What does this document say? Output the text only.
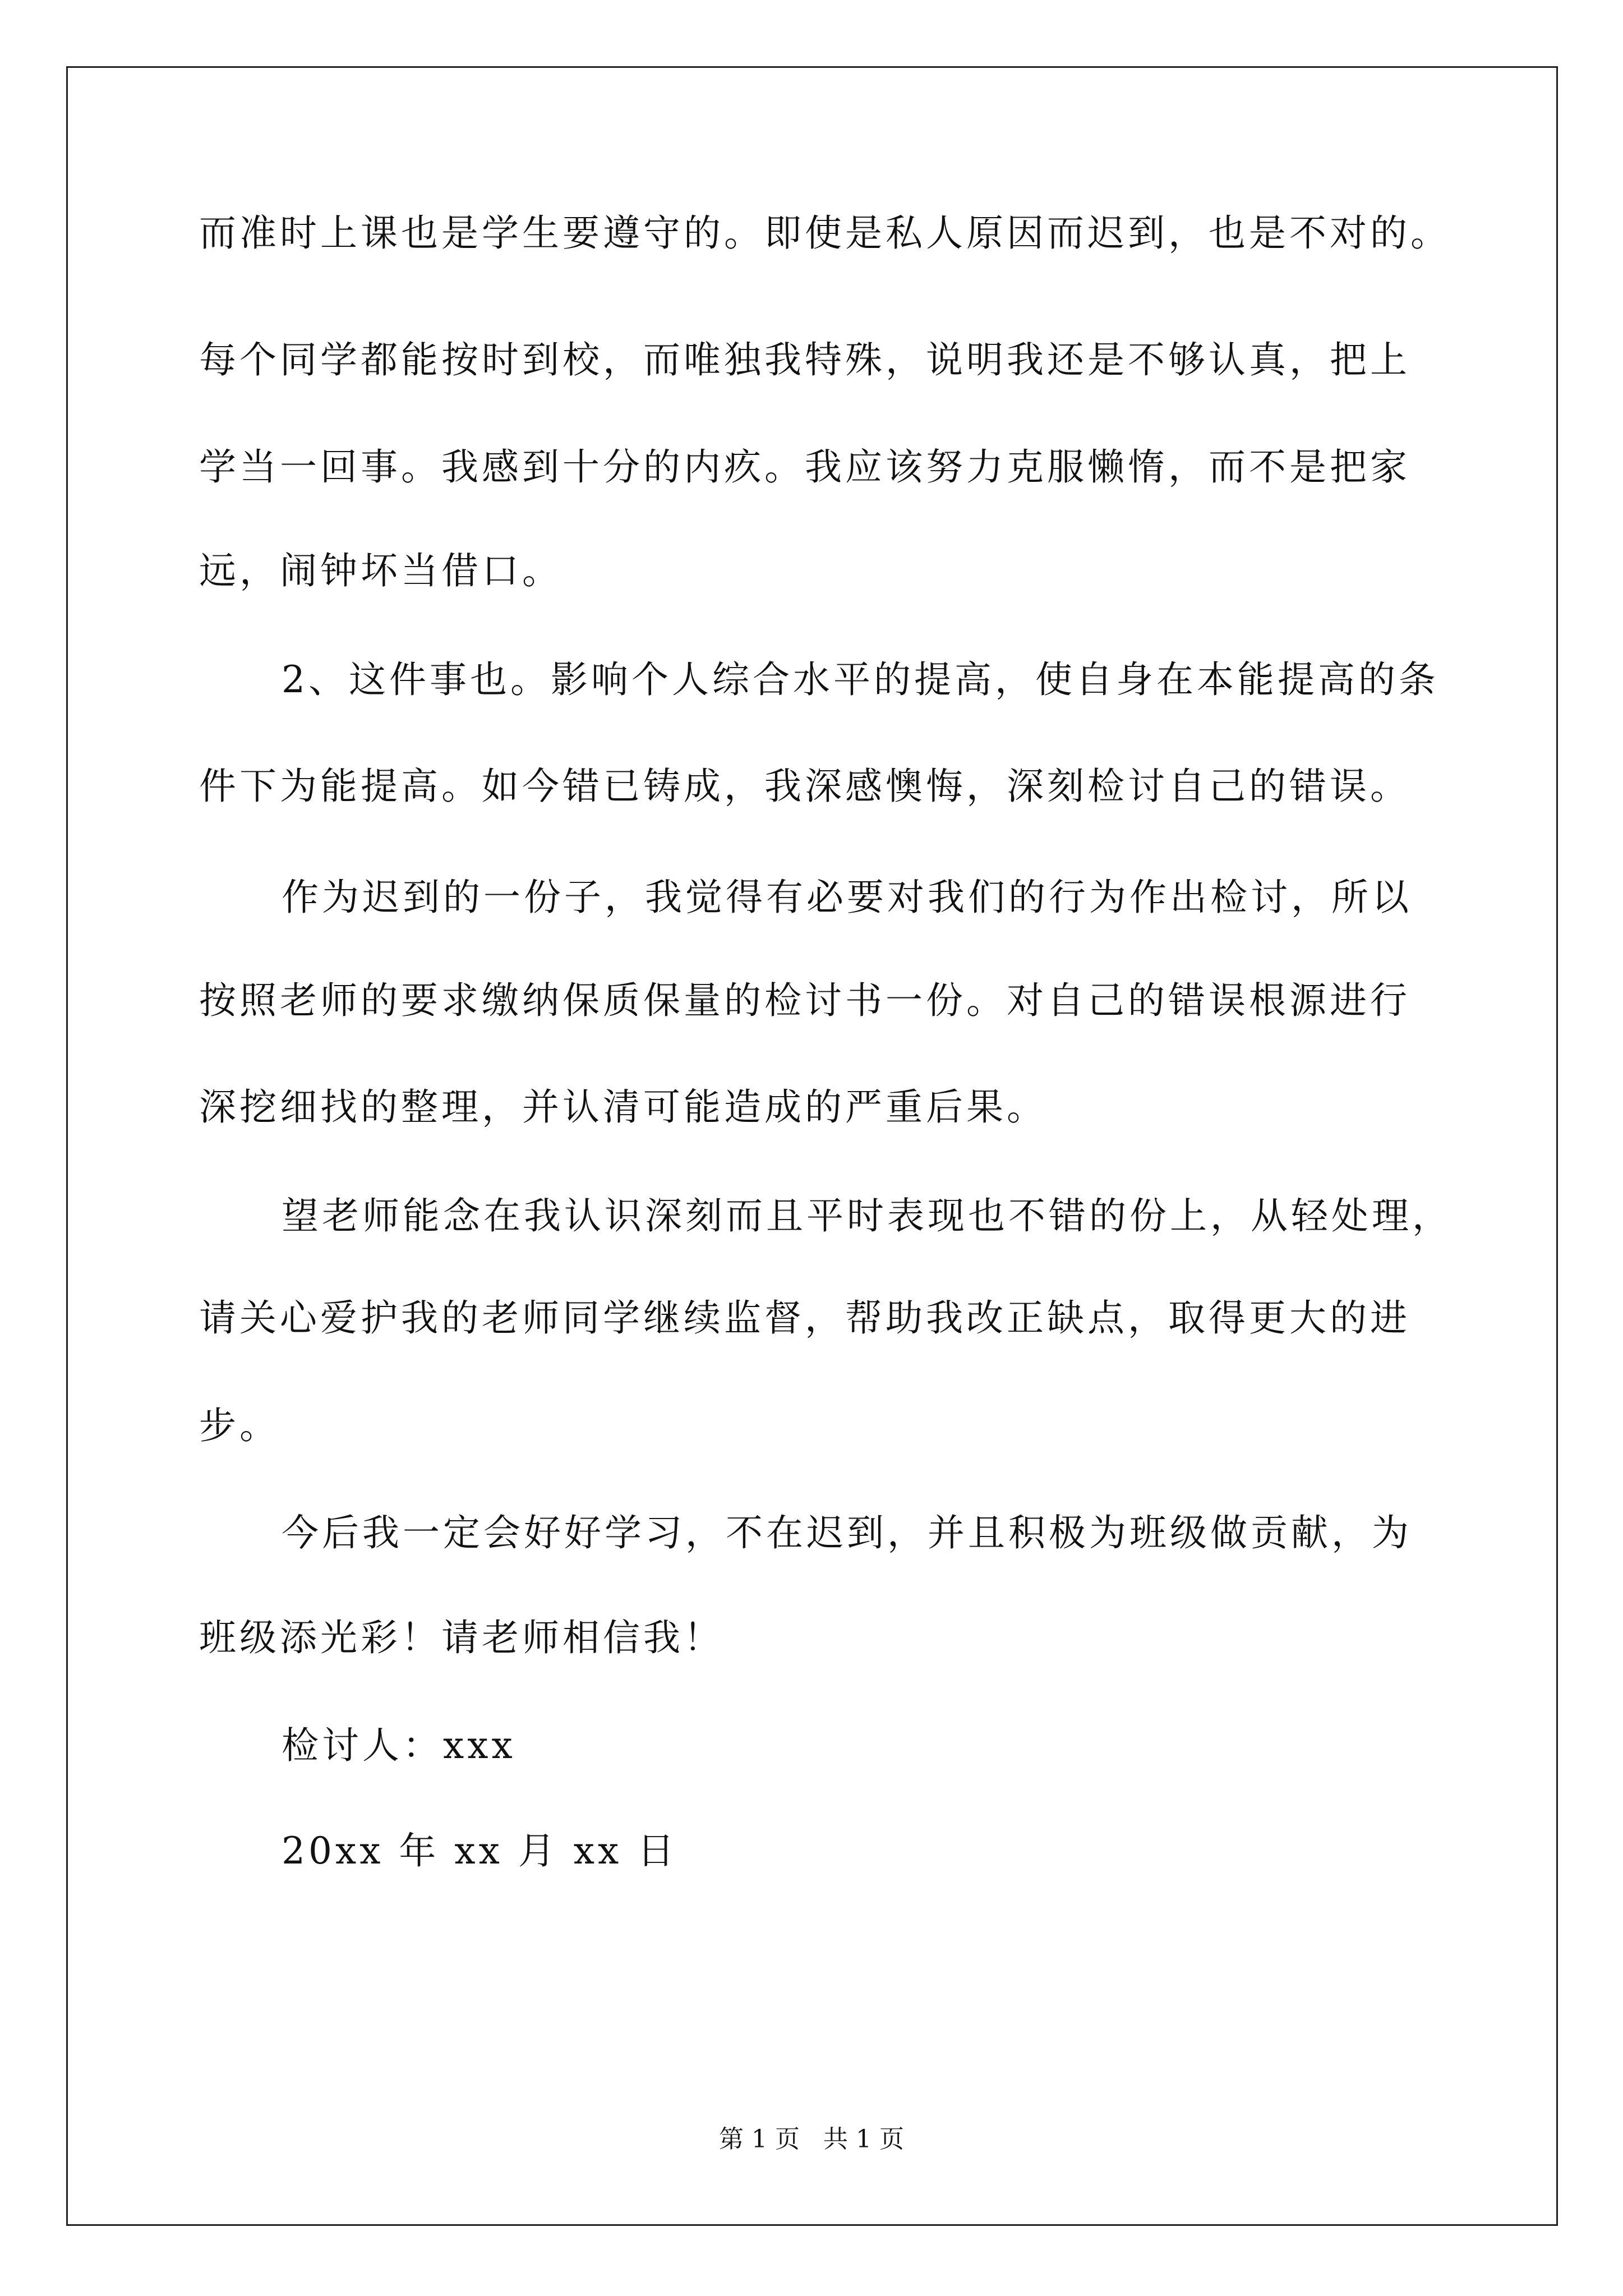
而准时上课也是学生要遵守的。即使是私人原因而迟到，也是不对的。
每个同学都能按时到校，而唯独我特殊，说明我还是不够认真，把上
学当一回事。我感到十分的内疚。我应该努力克服懒惰，而不是把家
远，闹钟坏当借口。
2、这件事也。影响个人综合水平的提高，使自身在本能提高的条
件下为能提高。如今错已铸成，我深感懊悔，深刻检讨自己的错误。
作为迟到的一份子，我觉得有必要对我们的行为作出检讨，所以
按照老师的要求缴纳保质保量的检讨书一份。对自己的错误根源进行
深挖细找的整理，并认清可能造成的严重后果。
望老师能念在我认识深刻而且平时表现也不错的份上，从轻处理，
请关心爱护我的老师同学继续监督，帮助我改正缺点，取得更大的进
步。
今后我一定会好好学习，不在迟到，并且积极为班级做贡献，为
班级添光彩！请老师相信我！
检讨人：xxx
20xx 年 xx 月 xx 日
第 1 页 共 1 页
